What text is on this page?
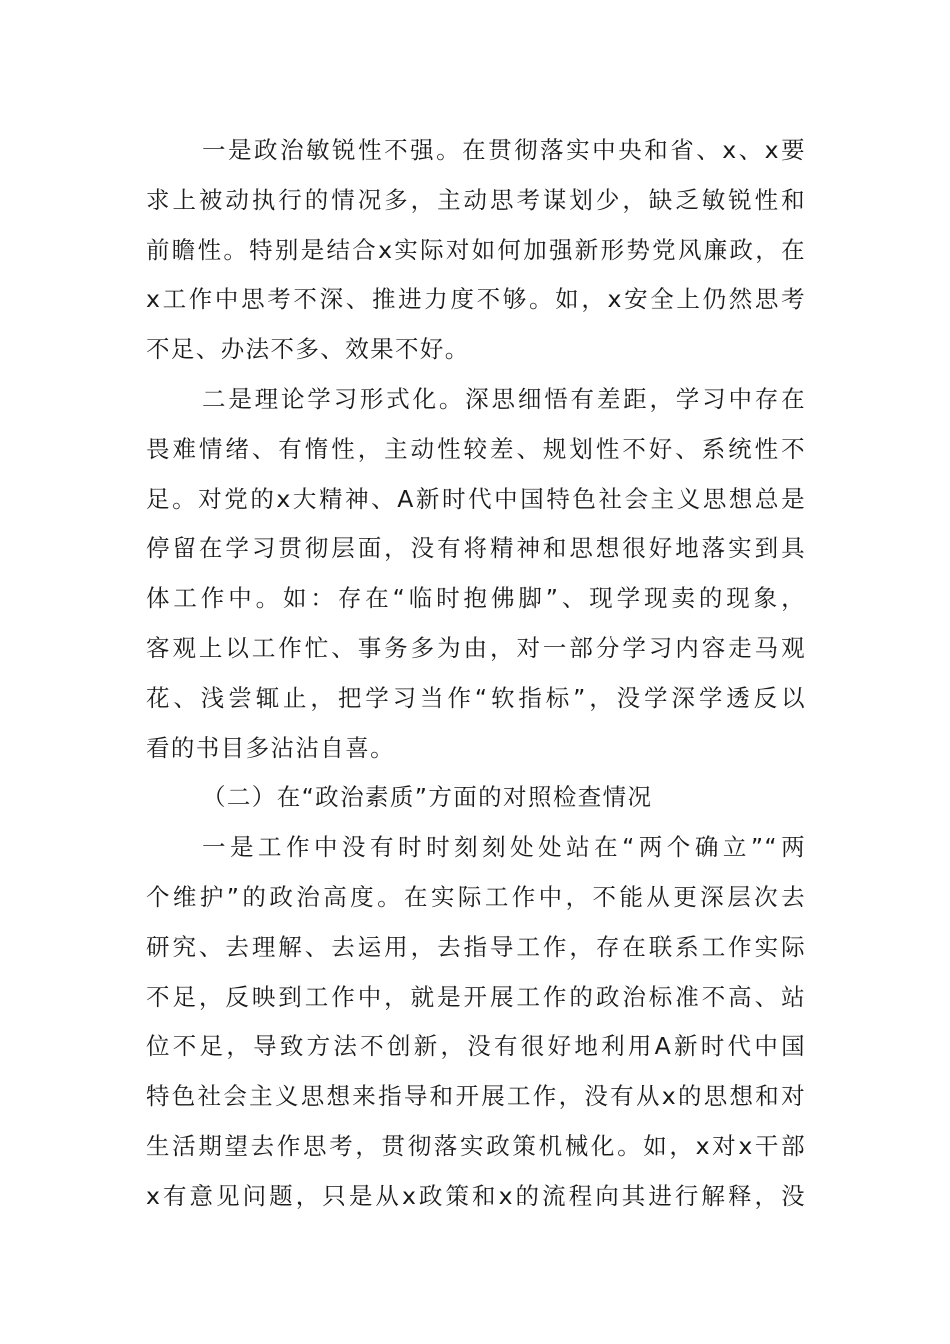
一是政治敏锐性不强。在贯彻落实中央和省、x、x要
求上被动执行的情况多，主动思考谋划少，缺乏敏锐性和
前瞻性。特别是结合x实际对如何加强新形势党风廉政，在
x工作中思考不深、推进力度不够。如，x安全上仍然思考
不足、办法不多、效果不好。
二是理论学习形式化。深思细悟有差距，学习中存在
畏难情绪、有惰性，主动性较差、规划性不好、系统性不
足。对党的x大精神、A新时代中国特色社会主义思想总是
停留在学习贯彻层面，没有将精神和思想很好地落实到具
体工作中。如：存在“临时抱佛脚”、现学现卖的现象，
客观上以工作忙、事务多为由，对一部分学习内容走马观
花、浅尝辄止，把学习当作“软指标”，没学深学透反以
看的书目多沾沾自喜。
（二）在“政治素质”方面的对照检查情况
一是工作中没有时时刻刻处处站在“两个确立”“两
个维护”的政治高度。在实际工作中，不能从更深层次去
研究、去理解、去运用，去指导工作，存在联系工作实际
不足，反映到工作中，就是开展工作的政治标准不高、站
位不足，导致方法不创新，没有很好地利用A新时代中国
特色社会主义思想来指导和开展工作，没有从x的思想和对
生活期望去作思考，贯彻落实政策机械化。如，x对x干部
x有意见问题，只是从x政策和x的流程向其进行解释，没
